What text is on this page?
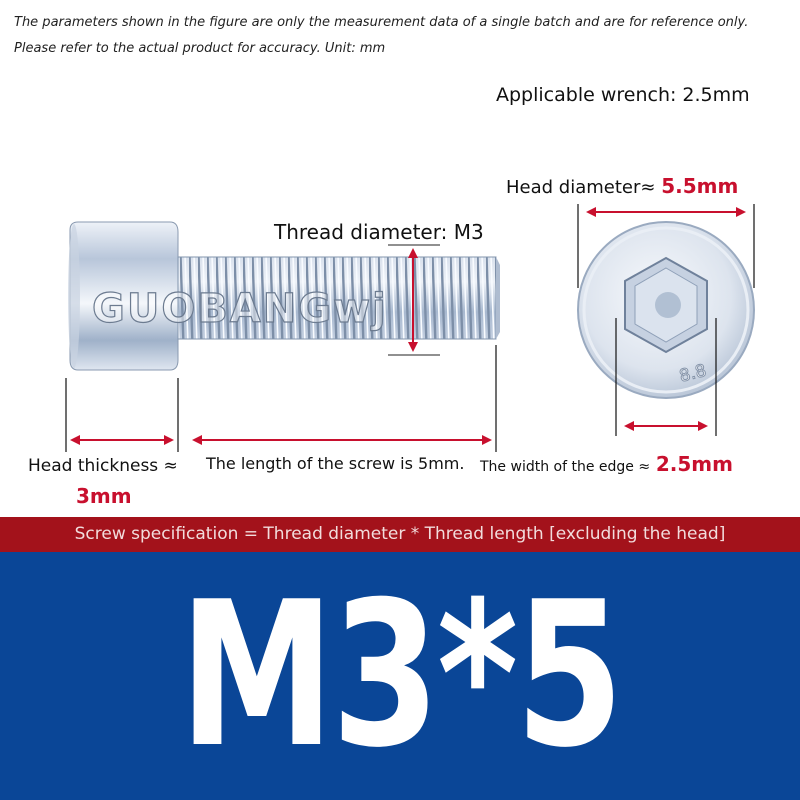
The parameters shown in the figure are only the measurement data of a single batch and are for reference only.
Please refer to the actual product for accuracy. Unit: mm
Applicable wrench: 2.5mm
GUOBANGwj
8.8
Thread diameter: M3
Head diameter≈ 5.5mm
Head thickness ≈
3mm
The length of the screw is 5mm. The width of the edge ≈ 2.5mm
Screw specification = Thread diameter * Thread length [excluding the head]
M3*5
